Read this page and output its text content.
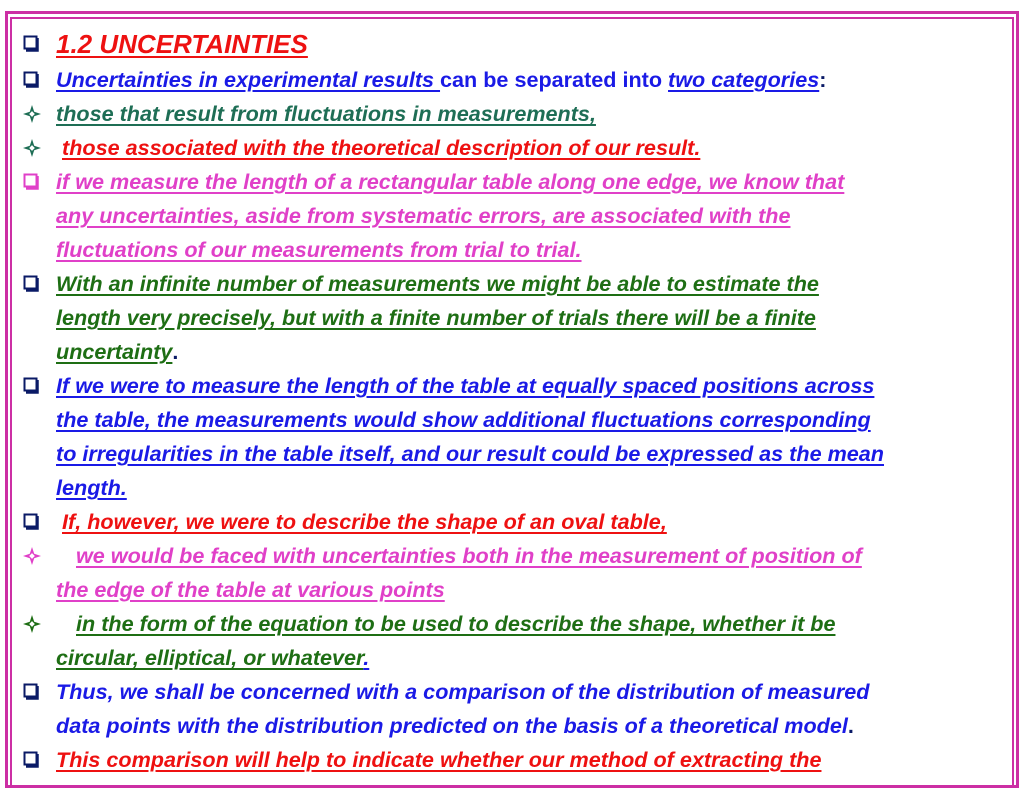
1.2 UNCERTAINTIES
Uncertainties in experimental results can be separated into two categories:
those that result from fluctuations in measurements,
those associated with the theoretical description of our result.
if we measure the length of a rectangular table along one edge, we know that
any uncertainties, aside from systematic errors, are associated with the
fluctuations of our measurements from trial to trial.
With an infinite number of measurements we might be able to estimate the
length very precisely, but with a finite number of trials there will be a finite
uncertainty.
If we were to measure the length of the table at equally spaced positions across
the table, the measurements would show additional fluctuations corresponding
to irregularities in the table itself, and our result could be expressed as the mean
length.
If, however, we were to describe the shape of an oval table,
we would be faced with uncertainties both in the measurement of position of
the edge of the table at various points
in the form of the equation to be used to describe the shape, whether it be
circular, elliptical, or whatever.
Thus, we shall be concerned with a comparison of the distribution of measured
data points with the distribution predicted on the basis of a theoretical model.
This comparison will help to indicate whether our method of extracting the
